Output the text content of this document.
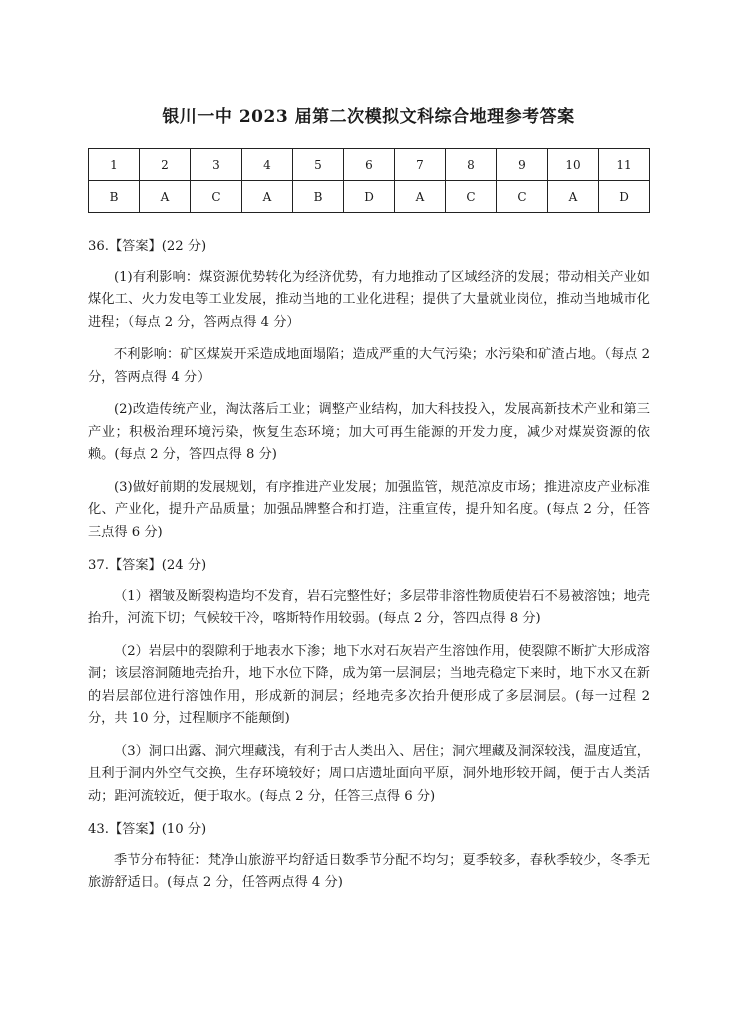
银川一中 2023 届第二次模拟文科综合地理参考答案
1	2	3	4	5	6	7	8	9	10	11
B	A	C	A	B	D	A	C	C	A	D

36.【答案】(22 分)

(1)有利影响：煤资源优势转化为经济优势，有力地推动了区域经济的发展；带动相关产业如煤化工、火力发电等工业发展，推动当地的工业化进程；提供了大量就业岗位，推动当地城市化进程；（每点 2 分，答两点得 4 分）

不利影响：矿区煤炭开采造成地面塌陷；造成严重的大气污染；水污染和矿渣占地。（每点 2 分，答两点得 4 分）

(2)改造传统产业，淘汰落后工业；调整产业结构，加大科技投入，发展高新技术产业和第三产业；积极治理环境污染，恢复生态环境；加大可再生能源的开发力度，减少对煤炭资源的依赖。(每点 2 分，答四点得 8 分)

(3)做好前期的发展规划，有序推进产业发展；加强监管，规范凉皮市场；推进凉皮产业标准化、产业化，提升产品质量；加强品牌整合和打造，注重宣传，提升知名度。(每点 2 分，任答三点得 6 分)

37.【答案】(24 分)

（1）褶皱及断裂构造均不发育，岩石完整性好；多层带非溶性物质使岩石不易被溶蚀；地壳抬升，河流下切；气候较干冷，喀斯特作用较弱。(每点 2 分，答四点得 8 分)

（2）岩层中的裂隙利于地表水下渗；地下水对石灰岩产生溶蚀作用，使裂隙不断扩大形成溶洞；该层溶洞随地壳抬升，地下水位下降，成为第一层洞层；当地壳稳定下来时，地下水又在新的岩层部位进行溶蚀作用，形成新的洞层；经地壳多次抬升便形成了多层洞层。(每一过程 2 分，共 10 分，过程顺序不能颠倒)

（3）洞口出露、洞穴埋藏浅，有利于古人类出入、居住；洞穴埋藏及洞深较浅，温度适宜，且利于洞内外空气交换，生存环境较好；周口店遗址面向平原，洞外地形较开阔，便于古人类活动；距河流较近，便于取水。(每点 2 分，任答三点得 6 分)

43.【答案】(10 分)

季节分布特征：梵净山旅游平均舒适日数季节分配不均匀；夏季较多，春秋季较少，冬季无旅游舒适日。(每点 2 分，任答两点得 4 分)
